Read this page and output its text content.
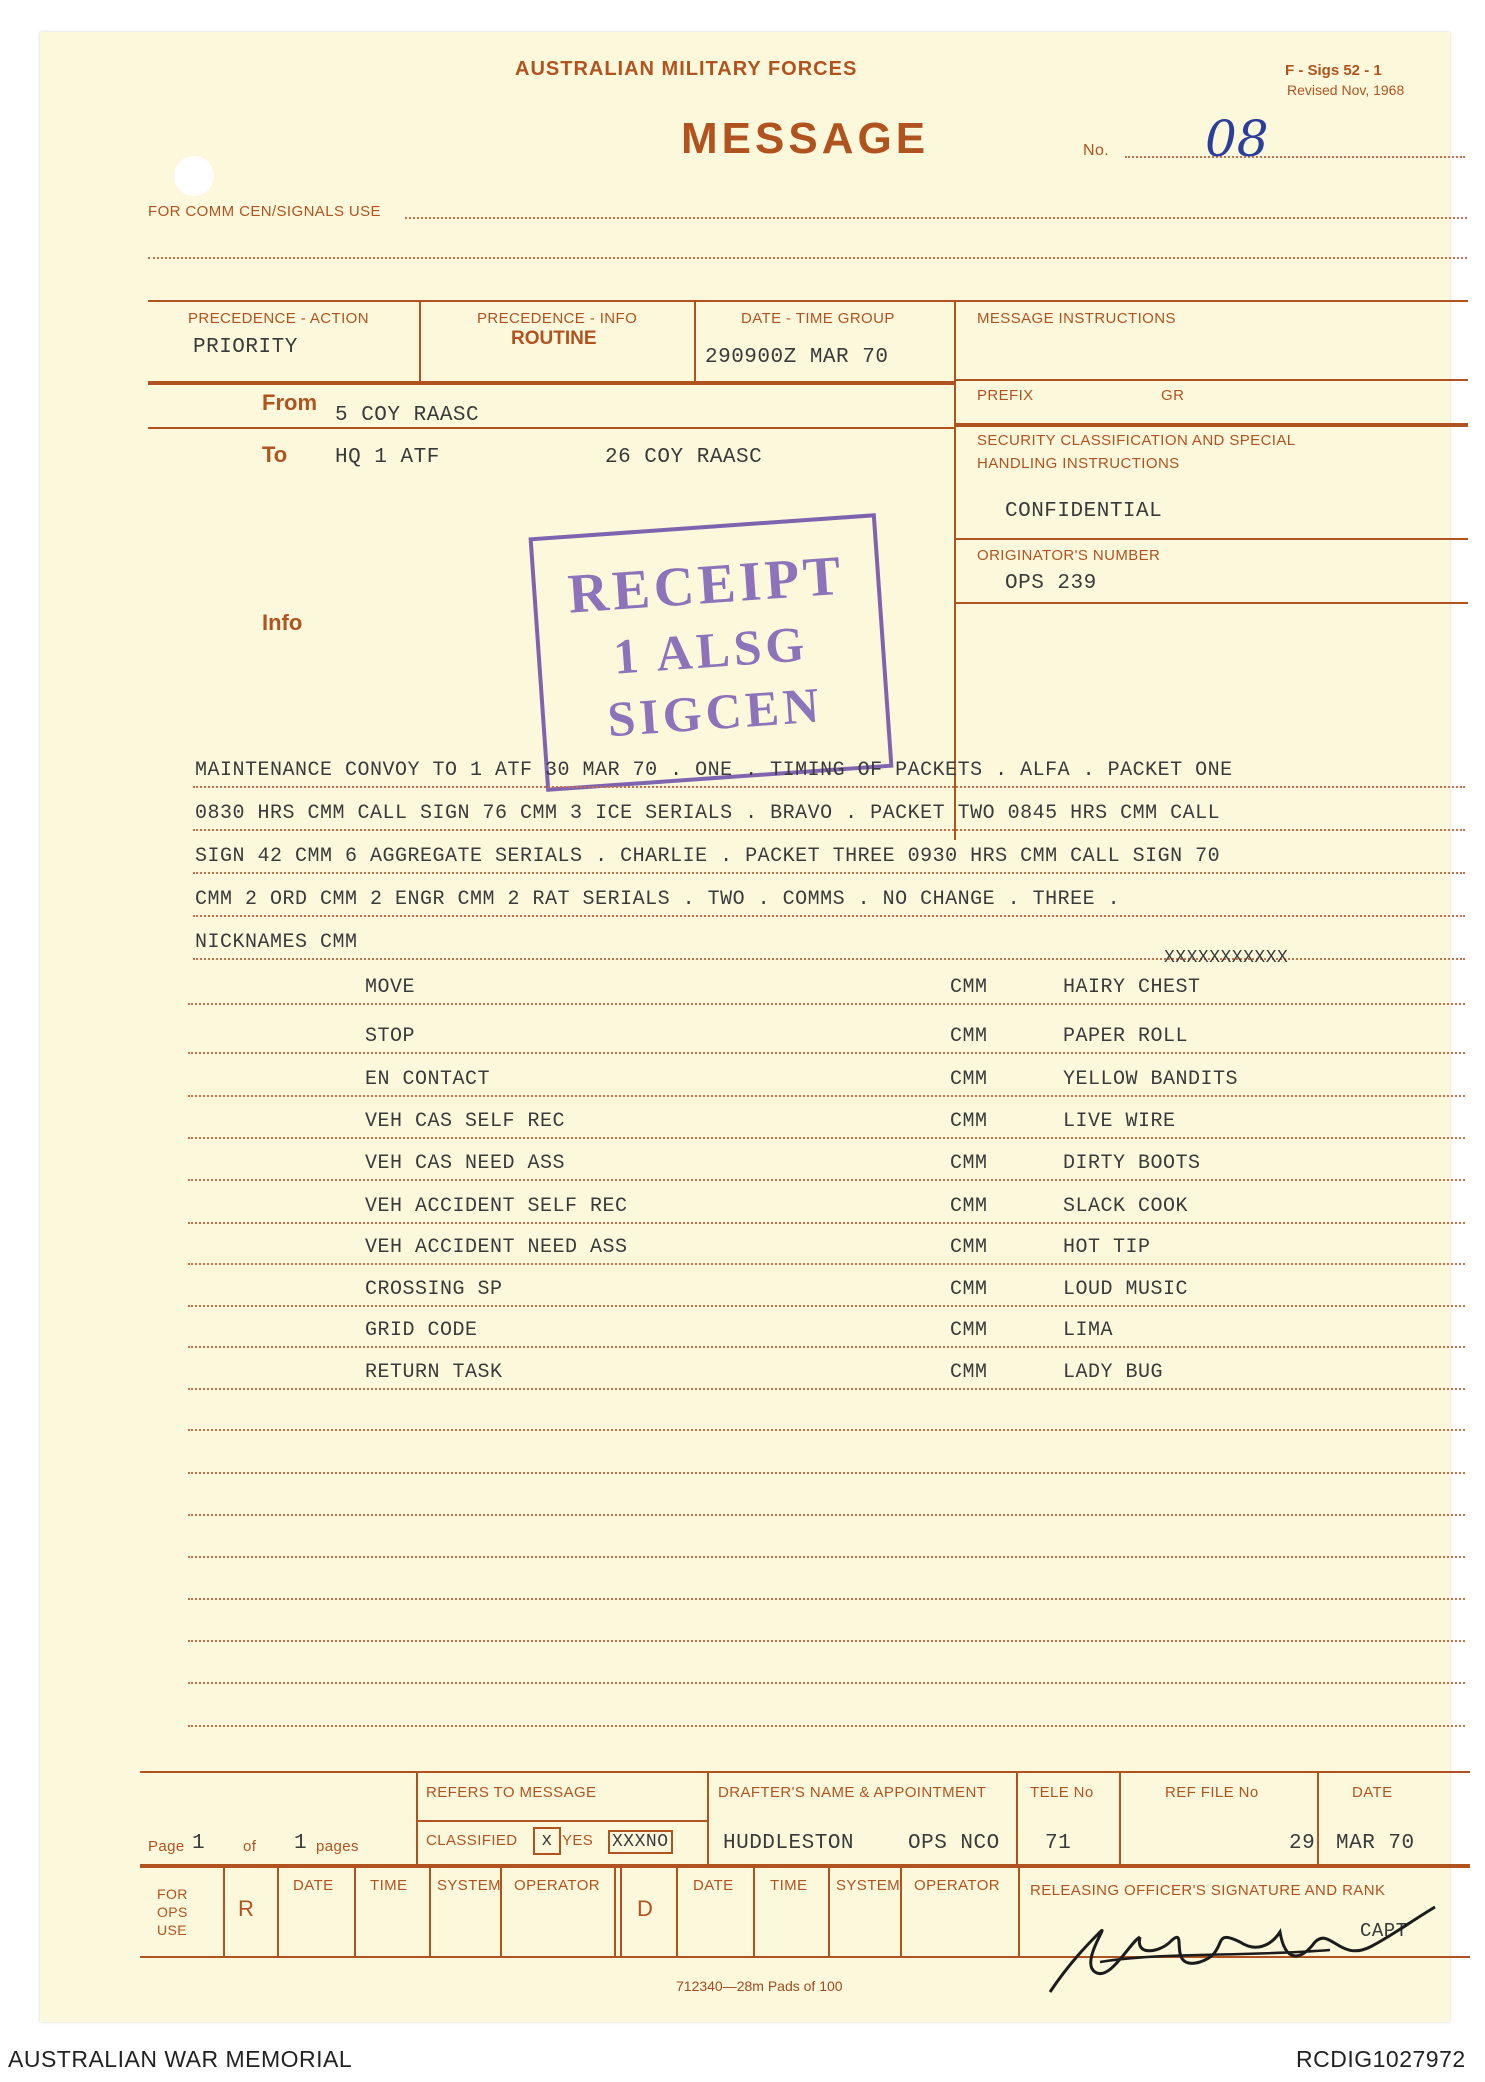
AUSTRALIAN MILITARY FORCES
MESSAGE
F - Sigs 52 - 1
Revised Nov, 1968
No. 08
FOR COMM CEN/SIGNALS USE
PRECEDENCE - ACTION
PRIORITY
PRECEDENCE - INFO
ROUTINE
DATE - TIME GROUP
290900Z MAR 70
MESSAGE INSTRUCTIONS
PREFIX	GR
SECURITY CLASSIFICATION AND SPECIAL
HANDLING INSTRUCTIONS
CONFIDENTIAL
ORIGINATOR'S NUMBER
OPS 239
From
5 COY RAASC
To HQ 1 ATF	26 COY RAASC
Info	RECEIPT
1 ALSG
SIGCEN
MAINTENANCE CONVOY TO 1 ATF 30 MAR 70 . ONE . TIMING OF PACKETS . ALFA . PACKET ONE
0830 HRS CMM CALL SIGN 76 CMM 3 ICE SERIALS . BRAVO . PACKET TWO 0845 HRS CMM CALL
SIGN 42 CMM 6 AGGREGATE SERIALS . CHARLIE . PACKET THREE 0930 HRS CMM CALL SIGN 70
CMM 2 ORD CMM 2 ENGR CMM 2 RAT SERIALS . TWO . COMMS . NO CHANGE . THREE .
NICKNAMES CMM
MOVE	CMM	HAIRY CHEST
STOP	CMM	PAPER ROLL
EN CONTACT	CMM	YELLOW BANDITS
VEH CAS SELF REC	CMM	LIVE WIRE
VEH CAS NEED ASS	CMM	DIRTY BOOTS
VEH ACCIDENT SELF REC	CMM	SLACK COOK
VEH ACCIDENT NEED ASS	CMM	HOT TIP
CROSSING SP	CMM	LOUD MUSIC
GRID CODE	CMM	LIMA
RETURN TASK	CMM	LADY BUG
XXXXXXXXXXX
Page 1	of 1 pages
REFERS TO MESSAGE
CLASSIFIED	x YES XXXNO
DRAFTER'S NAME & APPOINTMENT
HUDDLESTON	OPS NCO
TELE No
71
REF FILE No
29
DATE
MAR 70
FOR
OPS
USE
R
DATE TIME SYSTEM OPERATOR
D
DATE TIME SYSTEM OPERATOR RELEASING OFFICER'S SIGNATURE AND RANK
CAPT
712340—28m Pads of 100
AUSTRALIAN WAR MEMORIAL	RCDIG1027972
